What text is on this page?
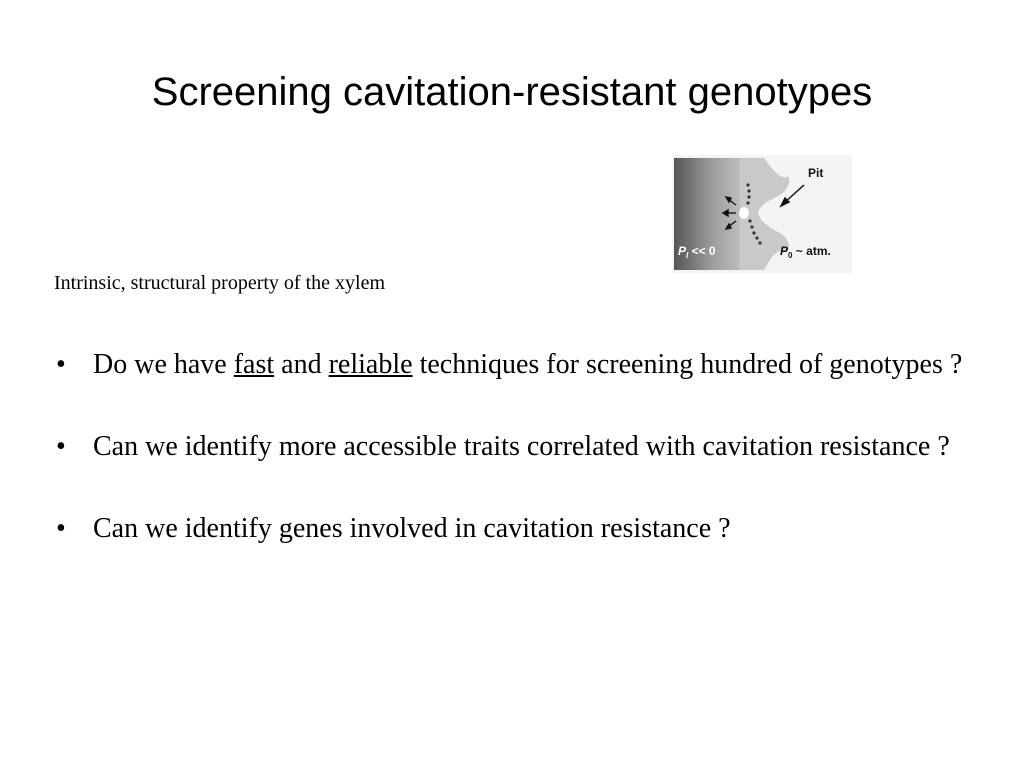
Screening cavitation-resistant genotypes
Pit
$P_l << 0$	$P_0$ ~ atm.
Intrinsic, structural property of the xylem
• Do we have fast and reliable techniques for screening hundred of genotypes ?
• Can we identify more accessible traits correlated with cavitation resistance ?
• Can we identify genes involved in cavitation resistance ?
